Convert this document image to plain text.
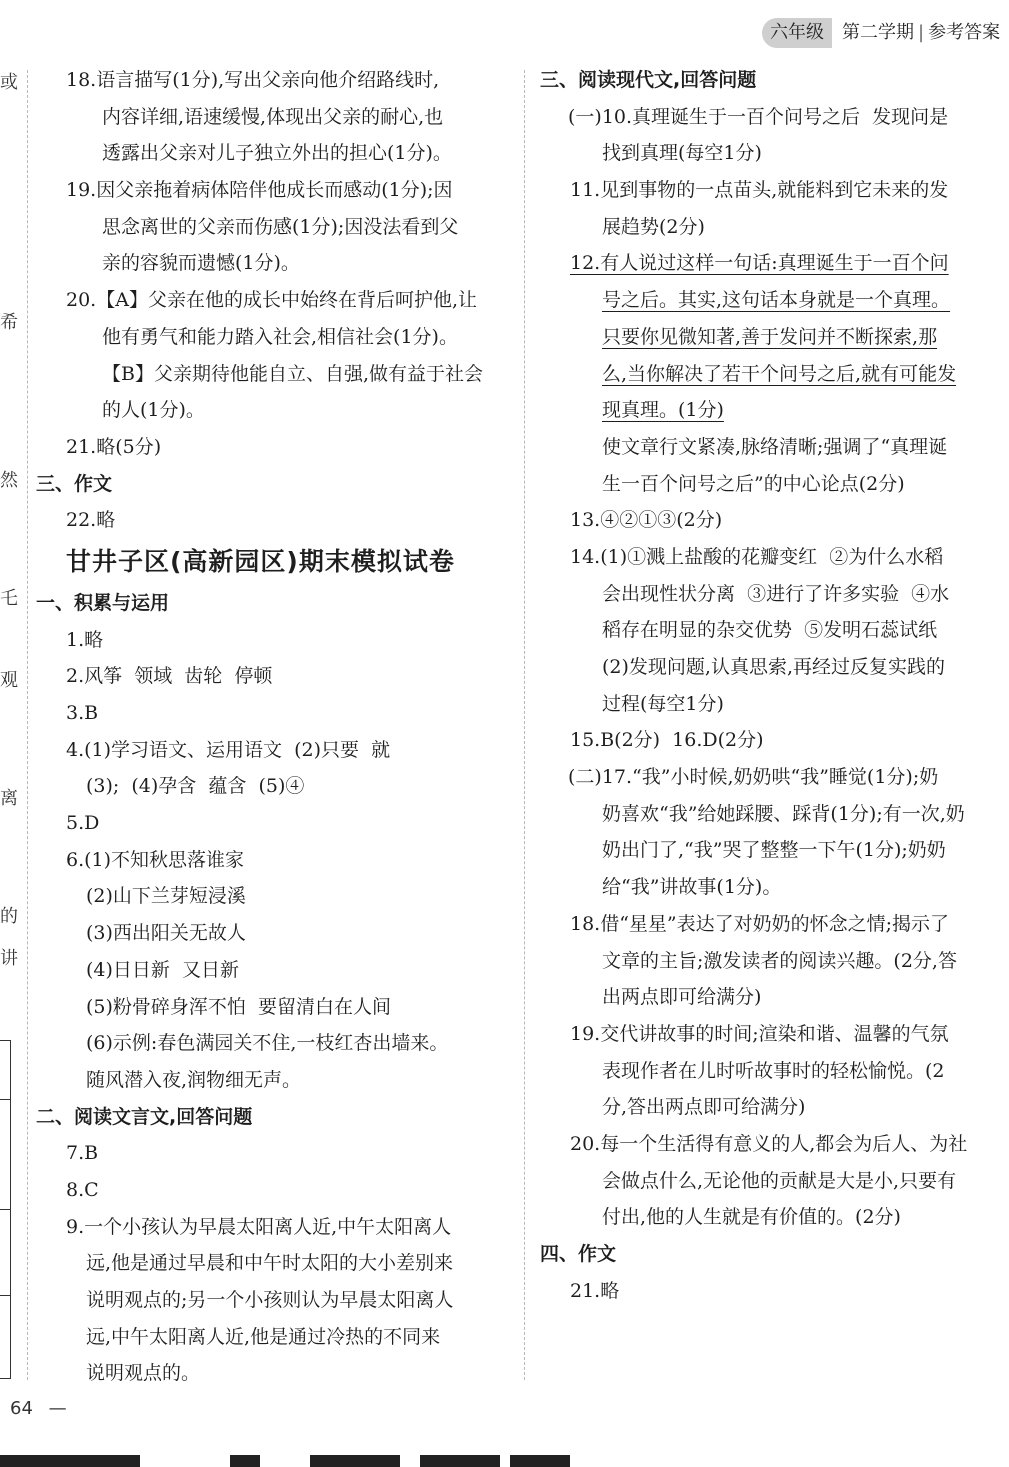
六年级	第二学期 | 参考答案
或
希
然
乇
观
离
的
讲
18.语言描写(1分),写出父亲向他介绍路线时,
内容详细,语速缓慢,体现出父亲的耐心,也
透露出父亲对儿子独立外出的担心(1分)。
19.因父亲拖着病体陪伴他成长而感动(1分);因
思念离世的父亲而伤感(1分);因没法看到父
亲的容貌而遗憾(1分)。
20.【A】父亲在他的成长中始终在背后呵护他,让
他有勇气和能力踏入社会,相信社会(1分)。
【B】父亲期待他能自立、自强,做有益于社会
的人(1分)。
21.略(5分)
三、作文
22.略
甘井子区(高新园区)期末模拟试卷
一、积累与运用
1.略
2.风筝  领域  齿轮  停顿
3.B
4.(1)学习语文、运用语文  (2)只要  就
(3);  (4)孕含  蕴含  (5)④
5.D
6.(1)不知秋思落谁家
(2)山下兰芽短浸溪
(3)西出阳关无故人
(4)日日新  又日新
(5)粉骨碎身浑不怕  要留清白在人间
(6)示例:春色满园关不住,一枝红杏出墙来。
随风潜入夜,润物细无声。
二、阅读文言文,回答问题
7.B
8.C
9.一个小孩认为早晨太阳离人近,中午太阳离人
远,他是通过早晨和中午时太阳的大小差别来
说明观点的;另一个小孩则认为早晨太阳离人
远,中午太阳离人近,他是通过冷热的不同来
说明观点的。
三、阅读现代文,回答问题
(一)10.真理诞生于一百个问号之后  发现问是
找到真理(每空1分)
11.见到事物的一点苗头,就能料到它未来的发
展趋势(2分)
12.有人说过这样一句话:真理诞生于一百个问
号之后。其实,这句话本身就是一个真理。
只要你见微知著,善于发问并不断探索,那
么,当你解决了若干个问号之后,就有可能发
现真理。(1分)
使文章行文紧凑,脉络清晰;强调了“真理诞
生一百个问号之后”的中心论点(2分)
13.④②①③(2分)
14.(1)①溅上盐酸的花瓣变红  ②为什么水稻
会出现性状分离  ③进行了许多实验  ④水
稻存在明显的杂交优势  ⑤发明石蕊试纸
(2)发现问题,认真思索,再经过反复实践的
过程(每空1分)
15.B(2分)  16.D(2分)
(二)17.“我”小时候,奶奶哄“我”睡觉(1分);奶
奶喜欢“我”给她踩腰、踩背(1分);有一次,奶
奶出门了,“我”哭了整整一下午(1分);奶奶
给“我”讲故事(1分)。
18.借“星星”表达了对奶奶的怀念之情;揭示了
文章的主旨;激发读者的阅读兴趣。(2分,答
出两点即可给满分)
19.交代讲故事的时间;渲染和谐、温馨的气氛
表现作者在儿时听故事时的轻松愉悦。(2
分,答出两点即可给满分)
20.每一个生活得有意义的人,都会为后人、为社
会做点什么,无论他的贡献是大是小,只要有
付出,他的人生就是有价值的。(2分)
四、作文
21.略
64 —
